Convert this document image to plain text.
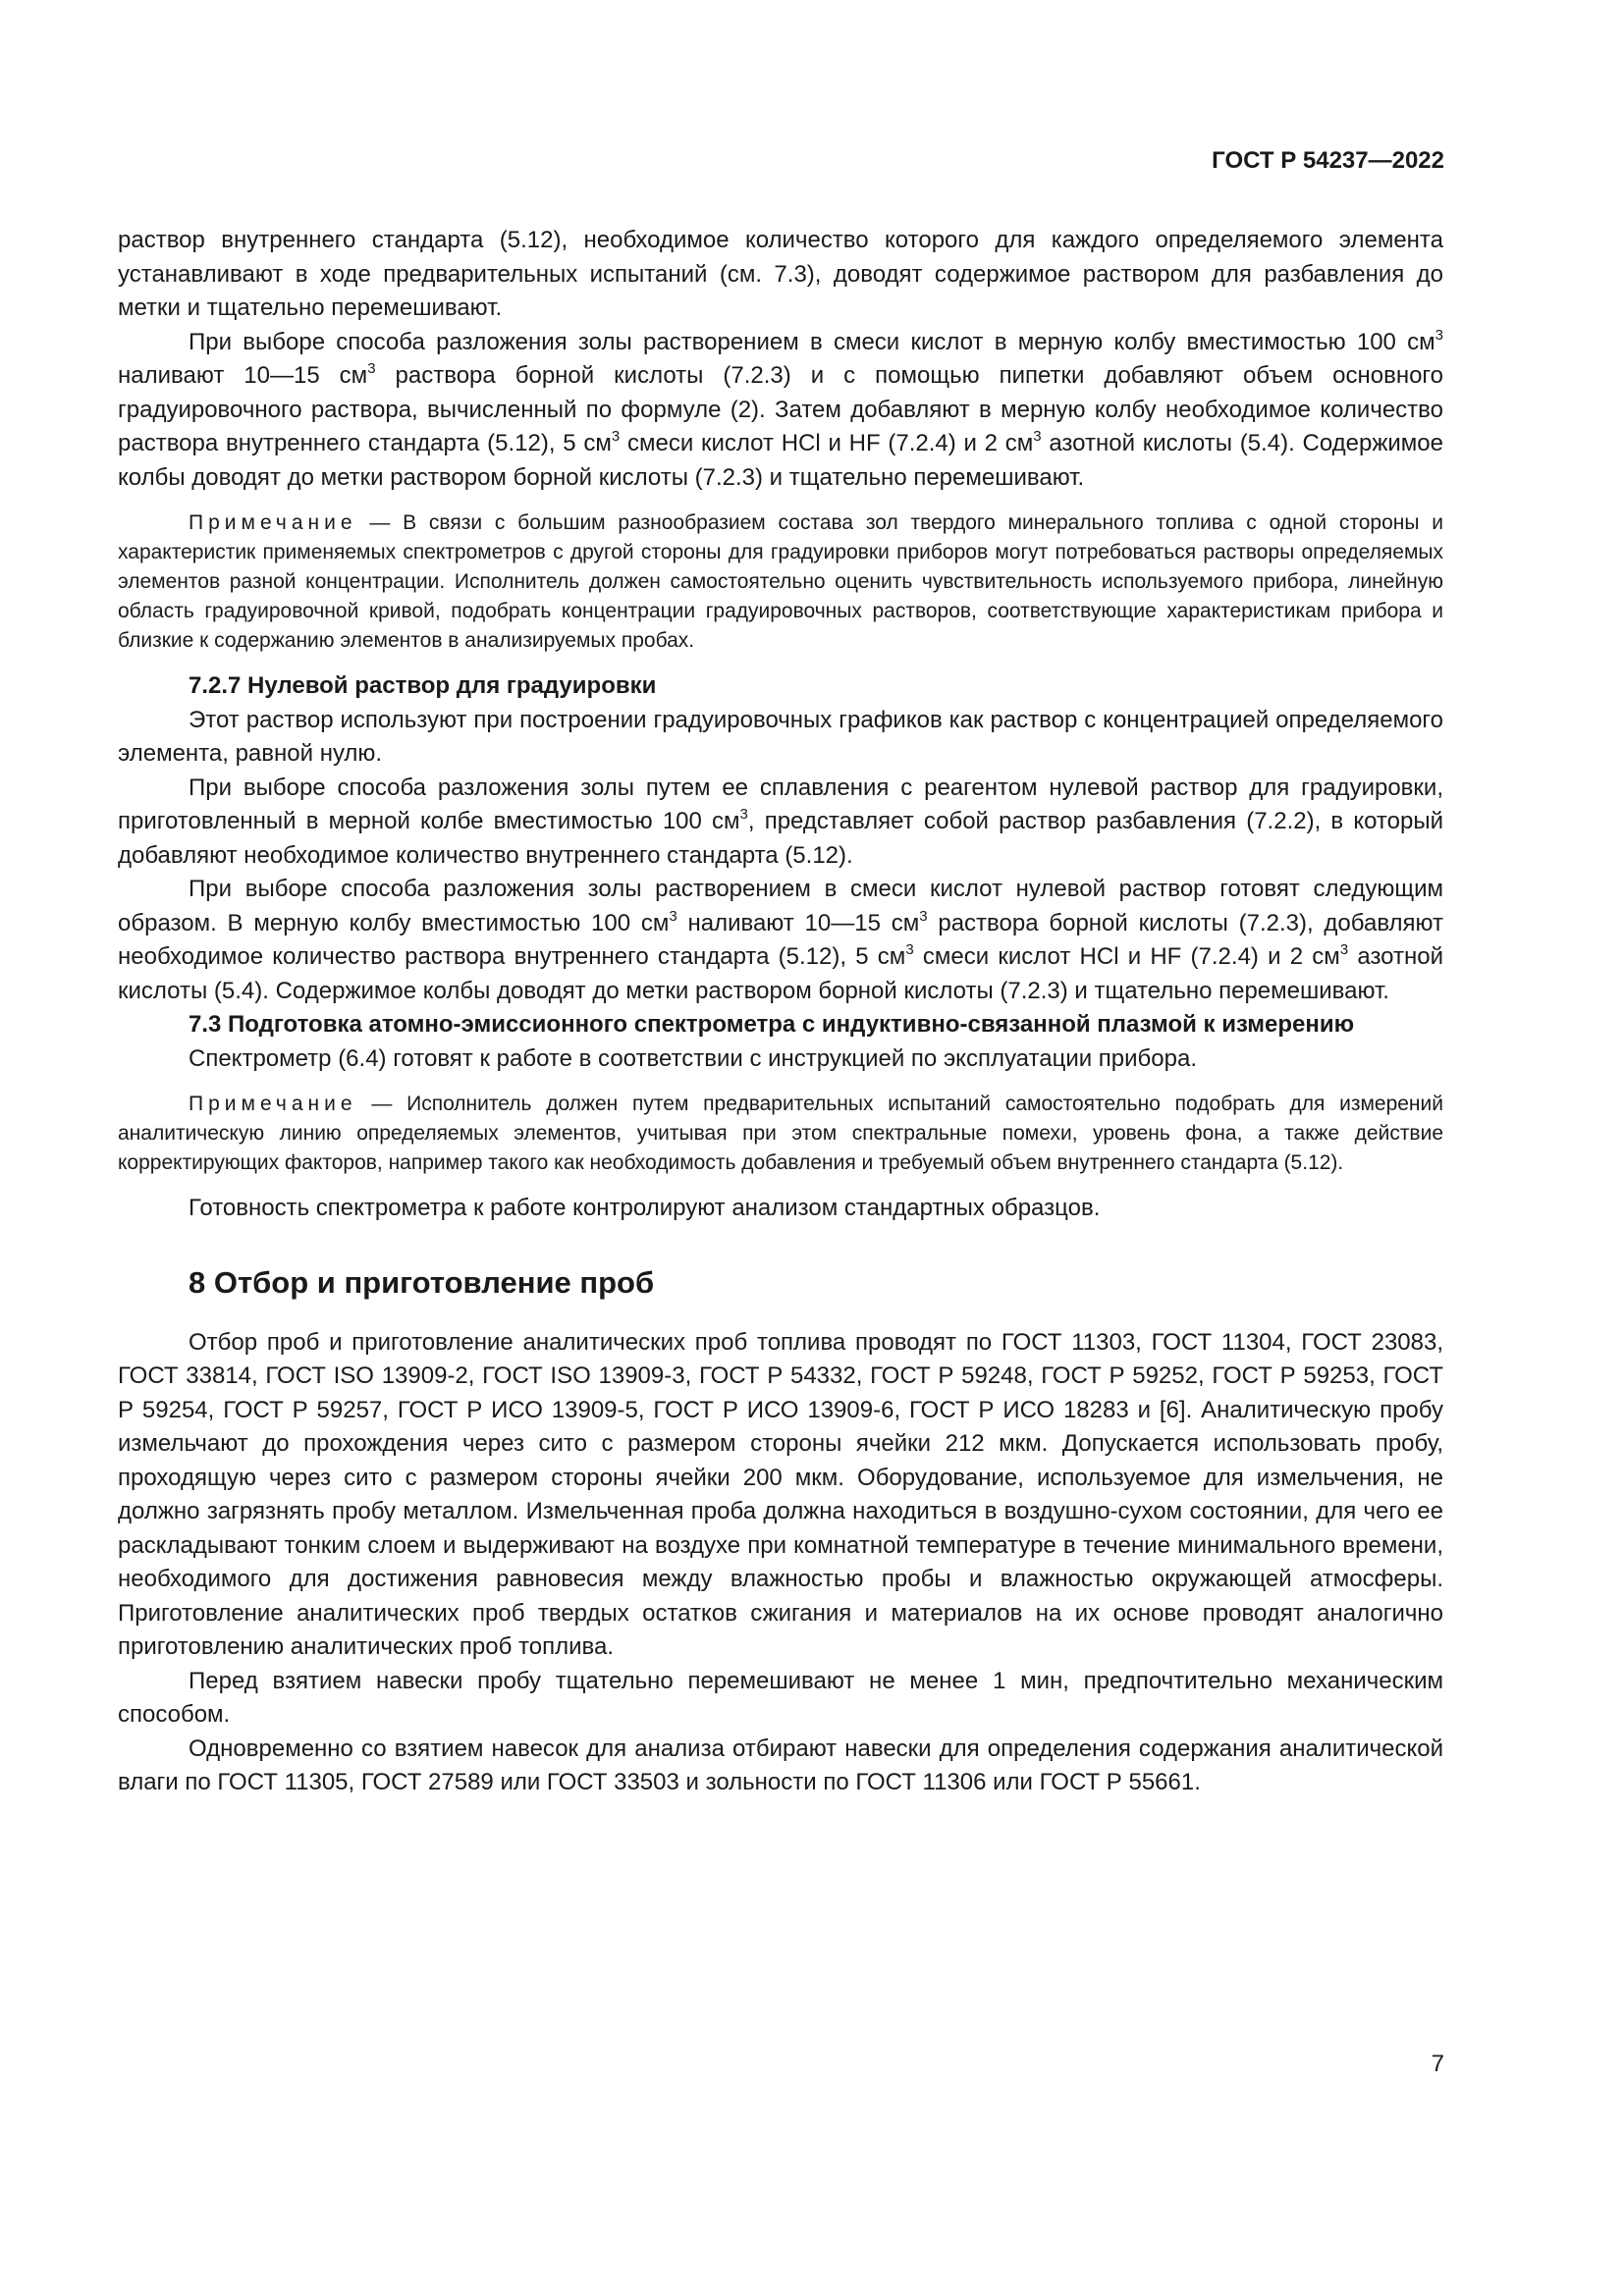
ГОСТ Р 54237—2022

раствор внутреннего стандарта (5.12), необходимое количество которого для каждого определяемого элемента устанавливают в ходе предварительных испытаний (см. 7.3), доводят содержимое раствором для разбавления до метки и тщательно перемешивают.

При выборе способа разложения золы растворением в смеси кислот в мерную колбу вместимостью 100 $см^3$ наливают 10—15 $см^3$ раствора борной кислоты (7.2.3) и с помощью пипетки добавляют объем основного градуировочного раствора, вычисленный по формуле (2). Затем добавляют в мерную колбу необходимое количество раствора внутреннего стандарта (5.12), 5 $см^3$ смеси кислот HCl и HF (7.2.4) и 2 $см^3$ азотной кислоты (5.4). Содержимое колбы доводят до метки раствором борной кислоты (7.2.3) и тщательно перемешивают.

Примечание — В связи с большим разнообразием состава зол твердого минерального топлива с одной стороны и характеристик применяемых спектрометров с другой стороны для градуировки приборов могут потребоваться растворы определяемых элементов разной концентрации. Исполнитель должен самостоятельно оценить чувствительность используемого прибора, линейную область градуировочной кривой, подобрать концентрации градуировочных растворов, соответствующие характеристикам прибора и близкие к содержанию элементов в анализируемых пробах.

7.2.7 Нулевой раствор для градуировки

Этот раствор используют при построении градуировочных графиков как раствор с концентрацией определяемого элемента, равной нулю.

При выборе способа разложения золы путем ее сплавления с реагентом нулевой раствор для градуировки, приготовленный в мерной колбе вместимостью 100 $см^3$, представляет собой раствор разбавления (7.2.2), в который добавляют необходимое количество внутреннего стандарта (5.12).

При выборе способа разложения золы растворением в смеси кислот нулевой раствор готовят следующим образом. В мерную колбу вместимостью 100 $см^3$ наливают 10—15 $см^3$ раствора борной кислоты (7.2.3), добавляют необходимое количество раствора внутреннего стандарта (5.12), 5 $см^3$ смеси кислот HCl и HF (7.2.4) и 2 $см^3$ азотной кислоты (5.4). Содержимое колбы доводят до метки раствором борной кислоты (7.2.3) и тщательно перемешивают.

7.3 Подготовка атомно-эмиссионного спектрометра с индуктивно-связанной плазмой к измерению

Спектрометр (6.4) готовят к работе в соответствии с инструкцией по эксплуатации прибора.

Примечание — Исполнитель должен путем предварительных испытаний самостоятельно подобрать для измерений аналитическую линию определяемых элементов, учитывая при этом спектральные помехи, уровень фона, а также действие корректирующих факторов, например такого как необходимость добавления и требуемый объем внутреннего стандарта (5.12).

Готовность спектрометра к работе контролируют анализом стандартных образцов.

8 Отбор и приготовление проб

Отбор проб и приготовление аналитических проб топлива проводят по ГОСТ 11303, ГОСТ 11304, ГОСТ 23083, ГОСТ 33814, ГОСТ ISO 13909-2, ГОСТ ISO 13909-3, ГОСТ Р 54332, ГОСТ Р 59248, ГОСТ Р 59252, ГОСТ Р 59253, ГОСТ Р 59254, ГОСТ Р 59257, ГОСТ Р ИСО 13909-5, ГОСТ Р ИСО 13909-6, ГОСТ Р ИСО 18283 и [6]. Аналитическую пробу измельчают до прохождения через сито с размером стороны ячейки 212 мкм. Допускается использовать пробу, проходящую через сито с размером стороны ячейки 200 мкм. Оборудование, используемое для измельчения, не должно загрязнять пробу металлом. Измельченная проба должна находиться в воздушно-сухом состоянии, для чего ее раскладывают тонким слоем и выдерживают на воздухе при комнатной температуре в течение минимального времени, необходимого для достижения равновесия между влажностью пробы и влажностью окружающей атмосферы. Приготовление аналитических проб твердых остатков сжигания и материалов на их основе проводят аналогично приготовлению аналитических проб топлива.

Перед взятием навески пробу тщательно перемешивают не менее 1 мин, предпочтительно механическим способом.

Одновременно со взятием навесок для анализа отбирают навески для определения содержания аналитической влаги по ГОСТ 11305, ГОСТ 27589 или ГОСТ 33503 и зольности по ГОСТ 11306 или ГОСТ Р 55661.

7
